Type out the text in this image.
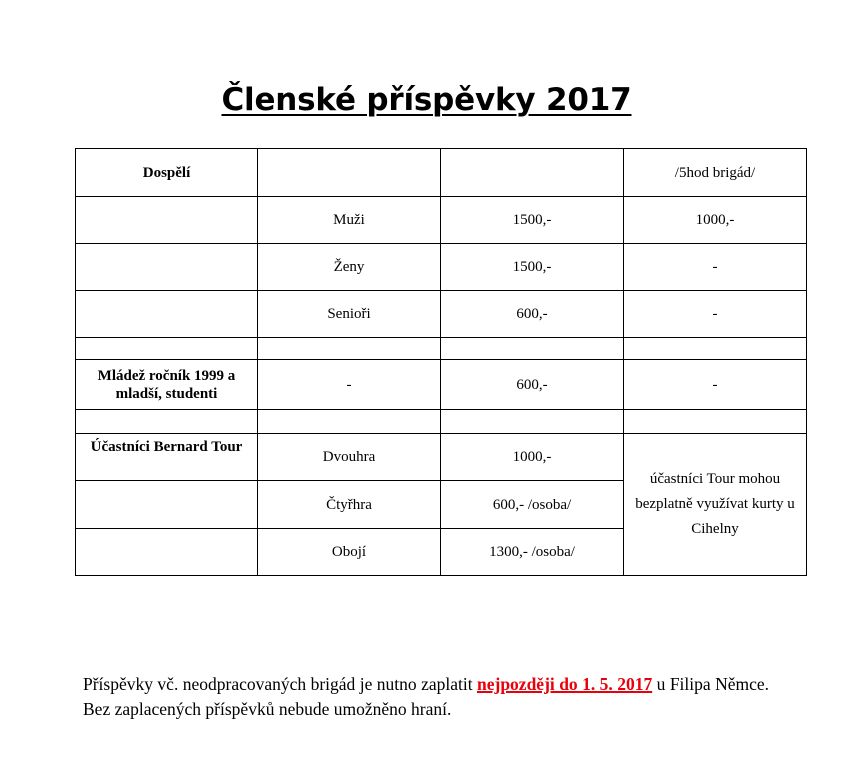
Členské příspěvky 2017
Dospělí			/5hod brigád/
	Muži	1500,-	1000,-
	Ženy	1500,-	-
	Senioři	600,-	-

Mládež ročník 1999 a mladší, studenti	-	600,-	-

Účastníci Bernard Tour	Dvouhra	1000,-	účastníci Tour mohou bezplatně využívat kurty u Cihelny
	Čtyřhra	600,- /osoba/	
	Obojí	1300,- /osoba/	

Příspěvky vč. neodpracovaných brigád je nutno zaplatit nejpozději do 1. 5. 2017 u Filipa Němce. Bez zaplacených příspěvků nebude umožněno hraní.
